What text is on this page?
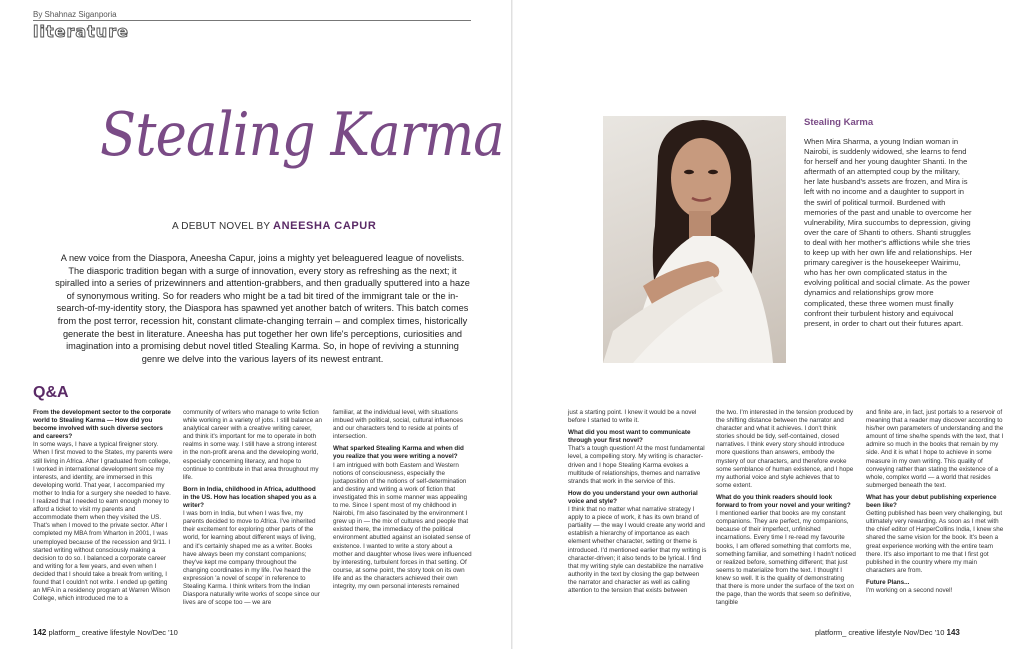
By Shahnaz Siganporia
literature
Stealing Karma
A DEBUT NOVEL BY ANEESHA CAPUR
A new voice from the Diaspora, Aneesha Capur, joins a mighty yet beleaguered league of novelists. The diasporic tradition began with a surge of innovation, every story as refreshing as the next; it spiralled into a series of prizewinners and attention-grabbers, and then gradually sputtered into a haze of synonymous writing. So for readers who might be a tad bit tired of the immigrant tale or the in-search-of-my-identity story, the Diaspora has spawned yet another batch of writers. This batch comes from the post terror, recession hit, constant climate-changing terrain – and complex times, historically generate the best in literature. Aneesha has put together her own life's perceptions, curiosities and imagination into a promising debut novel titled Stealing Karma. So, in hope of reviving a stunning genre we delve into the various layers of its newest entrant.
Stealing Karma
When Mira Sharma, a young Indian woman in Nairobi, is suddenly widowed, she learns to fend for herself and her young daughter Shanti. In the aftermath of an attempted coup by the military, her late husband's assets are frozen, and Mira is left with no income and a daughter to support in the swirl of political turmoil. Burdened with memories of the past and unable to overcome her vulnerability, Mira succumbs to depression, giving over the care of Shanti to others. Shanti struggles to deal with her mother's afflictions while she tries to keep up with her own life and relationships. Her primary caregiver is the housekeeper Wairimu, who has her own complicated status in the evolving political and social climate. As the power dynamics and relationships grow more complicated, these three women must finally confront their turbulent history and equivocal present, in order to chart out their futures apart.
Q&A
From the development sector to the corporate world to Stealing Karma — How did you become involved with such diverse sectors and careers?
In some ways, I have a typical fireigner story. When I first moved to the States, my parents were still living in Africa. After I graduated from college, I worked in international development since my interests, and identity, are immersed in this developing world. That year, I accompanied my mother to India for a surgery she needed to have. I realized that I needed to earn enough money to afford a ticket to visit my parents and accommodate them when they visited the US. That's when I moved to the private sector. After I completed my MBA from Wharton in 2001, I was unemployed because of the recession and 9/11. I started writing without consciously making a decision to do so. I balanced a corporate career and writing for a few years, and even when I decided that I should take a break from writing, I found that I couldn't not write. I ended up getting an MFA in a residency program at Warren Wilson College, which introduced me to a
community of writers who manage to write fiction while working in a variety of jobs. I still balance an analytical career with a creative writing career, and think it's important for me to operate in both realms in some way. I still have a strong interest in the non-profit arena and the developing world, especially concerning literacy, and hope to continue to contribute in that area throughout my life.
Born in India, childhood in Africa, adulthood in the US. How has location shaped you as a writer?
I was born in India, but when I was five, my parents decided to move to Africa. I've inherited their excitement for exploring other parts of the world, for learning about different ways of living, and it's certainly shaped me as a writer. Books have always been my constant companions; they've kept me company throughout the changing coordinates in my life. I've heard the expression 'a novel of scope' in reference to Stealing Karma. I think writers from the Indian Diaspora naturally write works of scope since our lives are of scope too — we are
familiar, at the individual level, with situations imbued with political, social, cultural influences and our characters tend to reside at points of intersection.
What sparked Stealing Karma and when did you realize that you were writing a novel?
I am intrigued with both Eastern and Western notions of consciousness, especially the juxtaposition of the notions of self-determination and destiny and writing a work of fiction that investigated this in some manner was appealing to me. Since I spent most of my childhood in Nairobi, I'm also fascinated by the environment I grew up in — the mix of cultures and people that existed there, the immediacy of the political environment abutted against an isolated sense of existence. I wanted to write a story about a mother and daughter whose lives were influenced by interesting, turbulent forces in that setting. Of course, at some point, the story took on its own life and as the characters achieved their own integrity, my own personal interests remained
just a starting point. I knew it would be a novel before I started to write it.
What did you most want to communicate through your first novel?
That's a tough question! At the most fundamental level, a compelling story. My writing is character-driven and I hope Stealing Karma evokes a multitude of relationships, themes and narrative strands that work in the service of this.
How do you understand your own authorial voice and style?
I think that no matter what narrative strategy I apply to a piece of work, it has its own brand of partiality — the way I would create any world and establish a hierarchy of importance as each element whether character, setting or theme is introduced. I'd mentioned earlier that my writing is character-driven; it also tends to be lyrical. I find that my writing style can destabilize the narrative authority in the text by closing the gap between the narrator and character as well as calling attention to the tension that exists between
the two. I'm interested in the tension produced by the shifting distance between the narrator and character and what it achieves. I don't think stories should be tidy, self-contained, closed narratives. I think every story should introduce more questions than answers, embody the mystery of our characters, and therefore evoke some semblance of human existence, and I hope my authorial voice and style achieves that to some extent.
What do you think readers should look forward to from your novel and your writing?
I mentioned earlier that books are my constant companions. They are perfect, my companions, because of their imperfect, unfinished incarnations. Every time I re-read my favourite books, I am offered something that comforts me, something familiar, and something I hadn't noticed or realized before, something different; that just seems to materialize from the text. I thought I knew so well. It is the quality of demonstrating that there is more under the surface of the text on the page, than the words that seem so definitive, tangible
and finite are, in fact, just portals to a reservoir of meaning that a reader may discover according to his/her own parameters of understanding and the amount of time she/he spends with the text, that I admire so much in the books that remain by my side. And it is what I hope to achieve in some measure in my own writing. This quality of conveying rather than stating the existence of a whole, complex world — a world that resides submerged beneath the text.
What has your debut publishing experience been like?
Getting published has been very challenging, but ultimately very rewarding. As soon as I met with the chief editor of HarperCollins India, I knew she shared the same vision for the book. It's been a great experience working with the entire team there. It's also important to me that I first got published in the country where my main characters are from.
Future Plans...
I'm working on a second novel!
142 platform_ creative lifestyle Nov/Dec '10	platform_ creative lifestyle Nov/Dec '10 143
